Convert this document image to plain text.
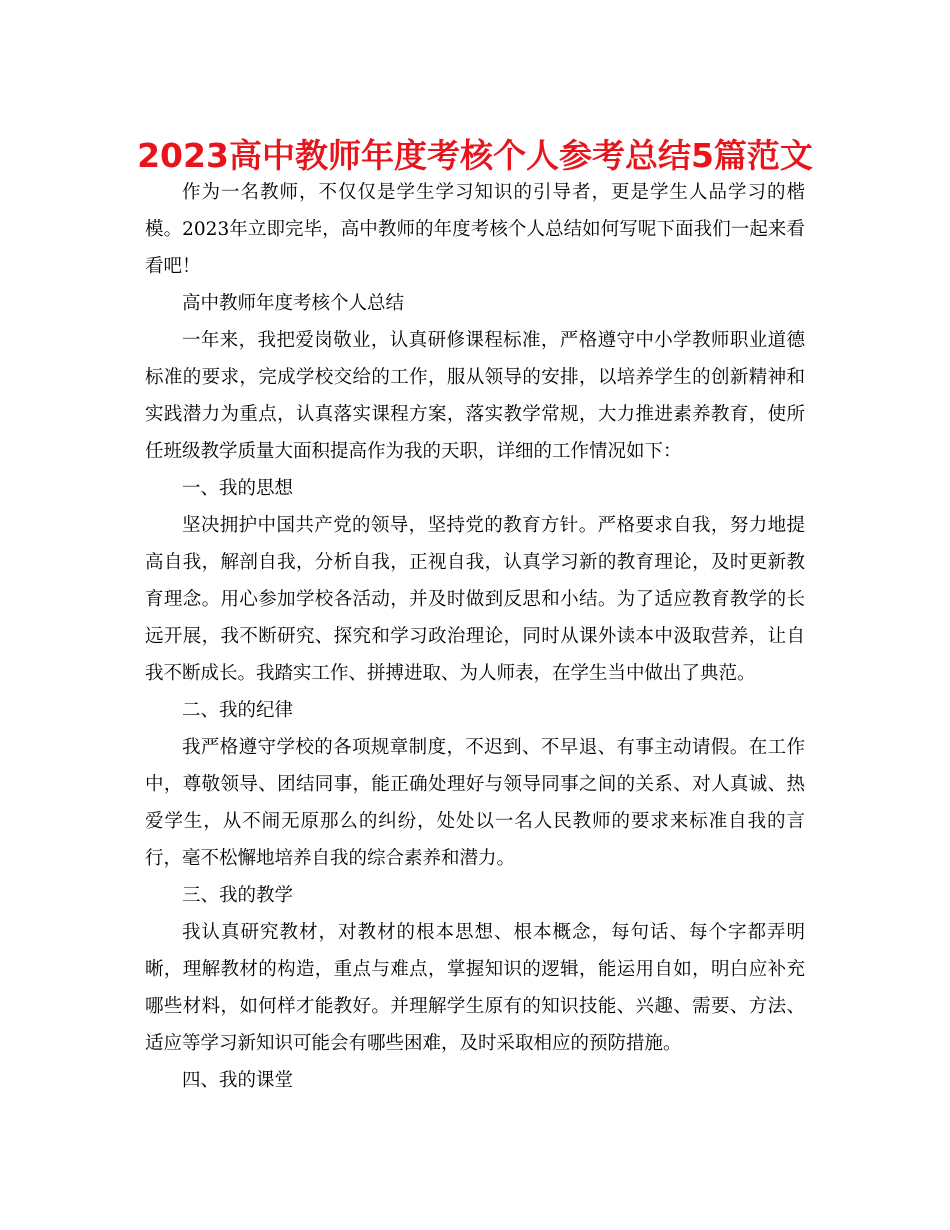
2023高中教师年度考核个人参考总结5篇范文

作为一名教师，不仅仅是学生学习知识的引导者，更是学生人品学习的楷模。2023年立即完毕，高中教师的年度考核个人总结如何写呢下面我们一起来看看吧！

高中教师年度考核个人总结

一年来，我把爱岗敬业，认真研修课程标准，严格遵守中小学教师职业道德标准的要求，完成学校交给的工作，服从领导的安排，以培养学生的创新精神和实践潜力为重点，认真落实课程方案，落实教学常规，大力推进素养教育，使所任班级教学质量大面积提高作为我的天职，详细的工作情况如下：

一、我的思想

坚决拥护中国共产党的领导，坚持党的教育方针。严格要求自我，努力地提高自我，解剖自我，分析自我，正视自我，认真学习新的教育理论，及时更新教育理念。用心参加学校各活动，并及时做到反思和小结。为了适应教育教学的长远开展，我不断研究、探究和学习政治理论，同时从课外读本中汲取营养，让自我不断成长。我踏实工作、拼搏进取、为人师表，在学生当中做出了典范。

二、我的纪律

我严格遵守学校的各项规章制度，不迟到、不早退、有事主动请假。在工作中，尊敬领导、团结同事，能正确处理好与领导同事之间的关系、对人真诚、热爱学生，从不闹无原那么的纠纷，处处以一名人民教师的要求来标准自我的言行，毫不松懈地培养自我的综合素养和潜力。

三、我的教学

我认真研究教材，对教材的根本思想、根本概念，每句话、每个字都弄明晰，理解教材的构造，重点与难点，掌握知识的逻辑，能运用自如，明白应补充哪些材料，如何样才能教好。并理解学生原有的知识技能、兴趣、需要、方法、适应等学习新知识可能会有哪些困难，及时采取相应的预防措施。

四、我的课堂
